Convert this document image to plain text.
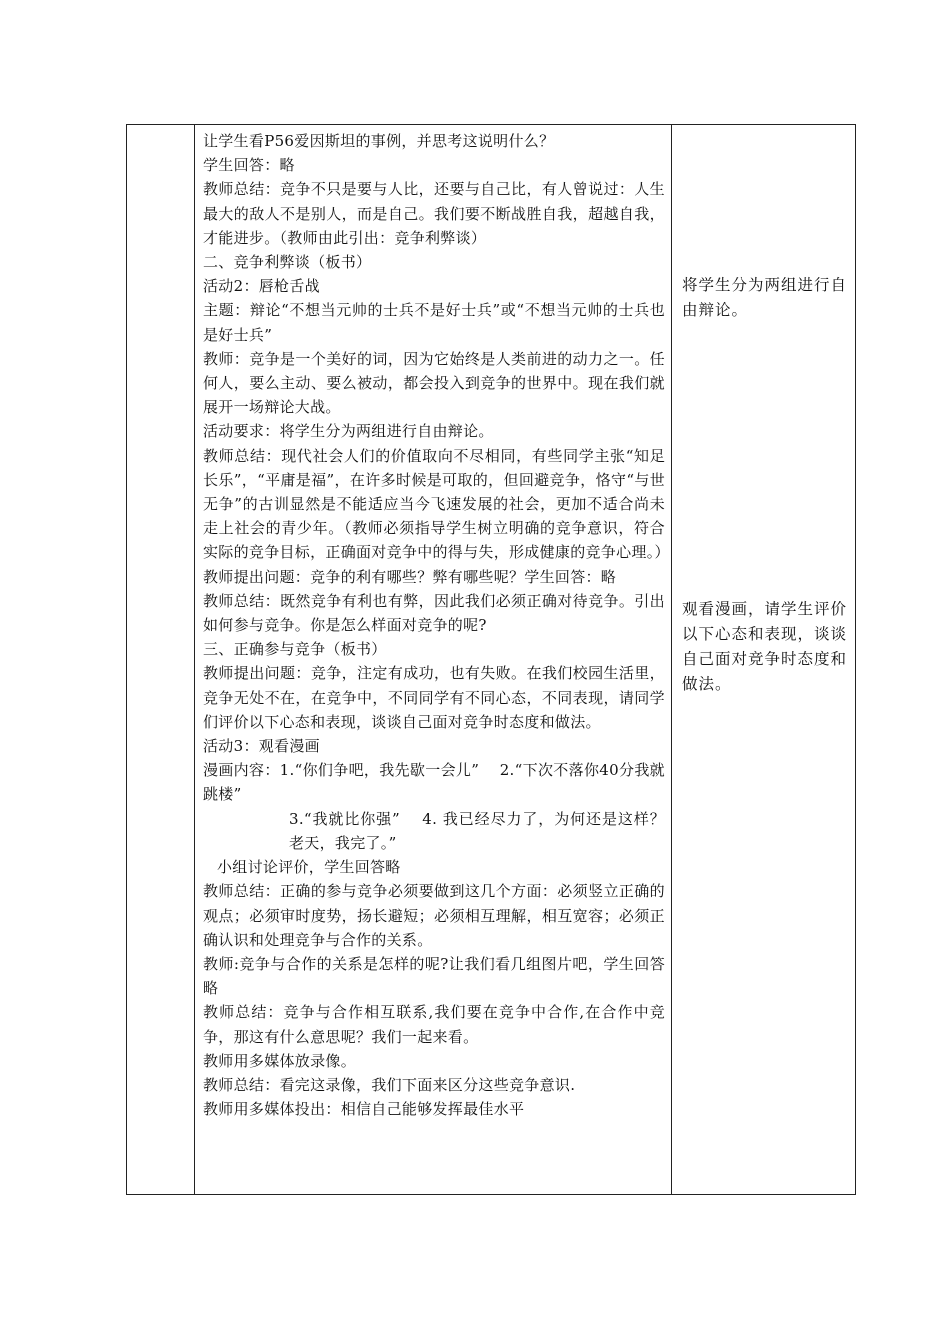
让学生看P56爱因斯坦的事例，并思考这说明什么？

学生回答：略

教师总结：竞争不只是要与人比，还要与自己比，有人曾说过：人生最大的敌人不是别人，而是自己。我们要不断战胜自我，超越自我，才能进步。（教师由此引出：竞争利弊谈）

二、竞争利弊谈（板书）

活动2：唇枪舌战

主题：辩论“不想当元帅的士兵不是好士兵”或“不想当元帅的士兵也是好士兵”

教师：竞争是一个美好的词，因为它始终是人类前进的动力之一。任何人，要么主动、要么被动，都会投入到竞争的世界中。现在我们就展开一场辩论大战。

活动要求：将学生分为两组进行自由辩论。

教师总结：现代社会人们的价值取向不尽相同，有些同学主张“知足长乐”，“平庸是福”，在许多时候是可取的，但回避竞争，恪守“与世无争”的古训显然是不能适应当今飞速发展的社会，更加不适合尚未走上社会的青少年。（教师必须指导学生树立明确的竞争意识，符合实际的竞争目标，正确面对竞争中的得与失，形成健康的竞争心理。）

教师提出问题：竞争的利有哪些？弊有哪些呢？学生回答：略

教师总结：既然竞争有利也有弊，因此我们必须正确对待竞争。引出如何参与竞争。你是怎么样面对竞争的呢?

三、正确参与竞争（板书）

教师提出问题：竞争，注定有成功，也有失败。在我们校园生活里，竞争无处不在，在竞争中，不同同学有不同心态，不同表现，请同学们评价以下心态和表现，谈谈自己面对竞争时态度和做法。

活动3：观看漫画

漫画内容：1.“你们争吧，我先歇一会儿”　 2.“下次不落你40分我就跳楼”

3.“我就比你强”　 4. 我已经尽力了，为何还是这样？老天，我完了。”

小组讨论评价，学生回答略

教师总结：正确的参与竞争必须要做到这几个方面：必须竖立正确的观点；必须审时度势，扬长避短；必须相互理解，相互宽容；必须正确认识和处理竞争与合作的关系。

教师:竞争与合作的关系是怎样的呢?让我们看几组图片吧，学生回答略

教师总结：竞争与合作相互联系,我们要在竞争中合作,在合作中竞争，那这有什么意思呢？我们一起来看。

教师用多媒体放录像。

教师总结：看完这录像，我们下面来区分这些竞争意识.

教师用多媒体投出：相信自己能够发挥最佳水平

将学生分为两组进行自由辩论。

观看漫画，请学生评价以下心态和表现，谈谈自己面对竞争时态度和做法。
